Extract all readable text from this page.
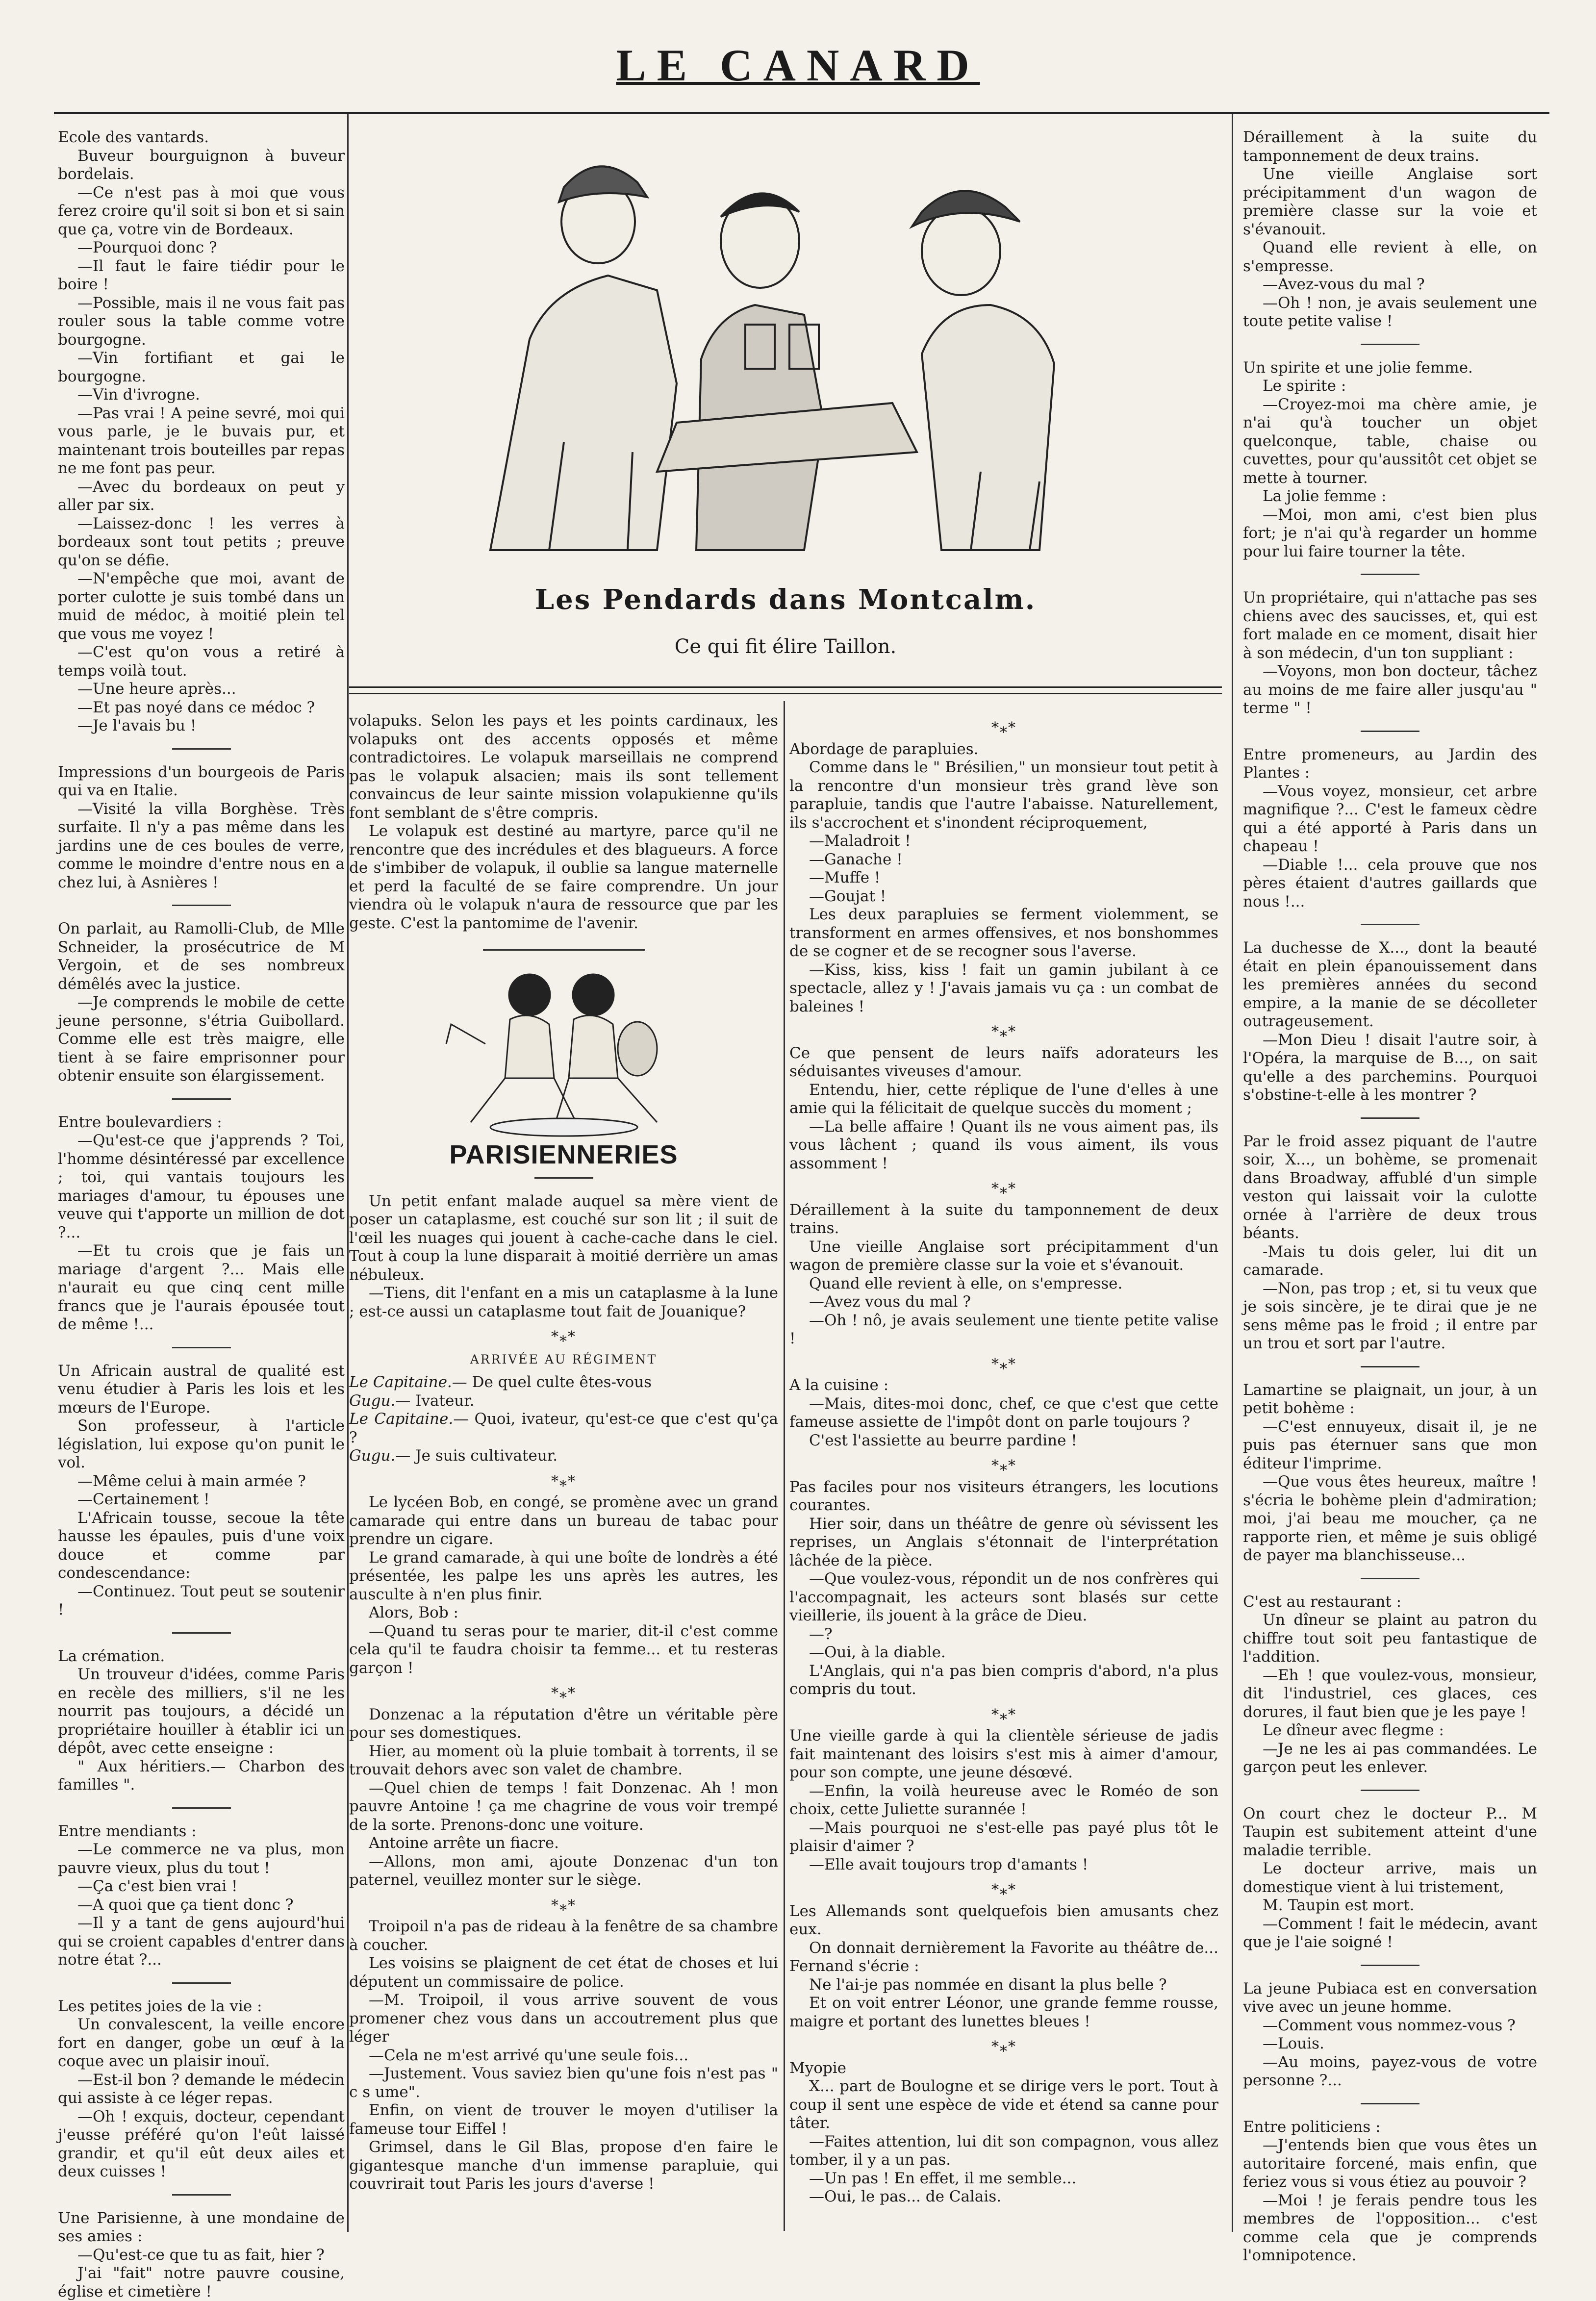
LE CANARD

Ecole des vantards.

Buveur bourguignon à buveur bordelais.

—Ce n'est pas à moi que vous ferez croire qu'il soit si bon et si sain que ça, votre vin de Bordeaux.

—Pourquoi donc ?

—Il faut le faire tiédir pour le boire !

—Possible, mais il ne vous fait pas rouler sous la table comme votre bourgogne.

—Vin fortifiant et gai le bourgogne.

—Vin d'ivrogne.

—Pas vrai ! A peine sevré, moi qui vous parle, je le buvais pur, et maintenant trois bouteilles par repas ne me font pas peur.

—Avec du bordeaux on peut y aller par six.

—Laissez-donc ! les verres à bordeaux sont tout petits ; preuve qu'on se défie.

—N'empêche que moi, avant de porter culotte je suis tombé dans un muid de médoc, à moitié plein tel que vous me voyez !

—C'est qu'on vous a retiré à temps voilà tout.

—Une heure après...

—Et pas noyé dans ce médoc ?

—Je l'avais bu !

Impressions d'un bourgeois de Paris qui va en Italie.

—Visité la villa Borghèse. Très surfaite. Il n'y a pas même dans les jardins une de ces boules de verre, comme le moindre d'entre nous en a chez lui, à Asnières !

On parlait, au Ramolli-Club, de Mlle Schneider, la prosécutrice de M Vergoin, et de ses nombreux démêlés avec la justice.

—Je comprends le mobile de cette jeune personne, s'étria Guibollard. Comme elle est très maigre, elle tient à se faire emprisonner pour obtenir ensuite son élargissement.

Entre boulevardiers :

—Qu'est-ce que j'apprends ? Toi, l'homme désintéressé par excellence ; toi, qui vantais toujours les mariages d'amour, tu épouses une veuve qui t'apporte un million de dot ?...

—Et tu crois que je fais un mariage d'argent ?... Mais elle n'aurait eu que cinq cent mille francs que je l'aurais épousée tout de même !...

Un Africain austral de qualité est venu étudier à Paris les lois et les mœurs de l'Europe.

Son professeur, à l'article législation, lui expose qu'on punit le vol.

—Même celui à main armée ?

—Certainement !

L'Africain tousse, secoue la tête hausse les épaules, puis d'une voix douce et comme par condescendance:

—Continuez. Tout peut se soutenir !

La crémation.

Un trouveur d'idées, comme Paris en recèle des milliers, s'il ne les nourrit pas toujours, a décidé un propriétaire houiller à établir ici un dépôt, avec cette enseigne :

" Aux héritiers.— Charbon des familles ".

Entre mendiants :

—Le commerce ne va plus, mon pauvre vieux, plus du tout !

—Ça c'est bien vrai !

—A quoi que ça tient donc ?

—Il y a tant de gens aujourd'hui qui se croient capables d'entrer dans notre état ?...

Les petites joies de la vie :

Un convalescent, la veille encore fort en danger, gobe un œuf à la coque avec un plaisir inouï.

—Est-il bon ? demande le médecin qui assiste à ce léger repas.

—Oh ! exquis, docteur, cependant j'eusse préféré qu'on l'eût laissé grandir, et qu'il eût deux ailes et deux cuisses !

Une Parisienne, à une mondaine de ses amies :

—Qu'est-ce que tu as fait, hier ?

J'ai "fait" notre pauvre cousine, église et cimetière !

Les Pendards dans Montcalm.
Ce qui fit élire Taillon.

volapuks. Selon les pays et les points cardinaux, les volapuks ont des accents opposés et même contradictoires. Le volapuk marseillais ne comprend pas le volapuk alsacien; mais ils sont tellement convaincus de leur sainte mission volapukienne qu'ils font semblant de s'être compris.

Le volapuk est destiné au martyre, parce qu'il ne rencontre que des incrédules et des blagueurs. A force de s'imbiber de volapuk, il oublie sa langue maternelle et perd la faculté de se faire comprendre. Un jour viendra où le volapuk n'aura de ressource que par les geste. C'est la pantomime de l'avenir.

PARISIENNERIES

Un petit enfant malade auquel sa mère vient de poser un cataplasme, est couché sur son lit ; il suit de l'œil les nuages qui jouent à cache-cache dans le ciel. Tout à coup la lune disparait à moitié derrière un amas nébuleux.

—Tiens, dit l'enfant en a mis un cataplasme à la lune ; est-ce aussi un cataplasme tout fait de Jouanique?

*⁎*
ARRIVÉE AU RÉGIMENT

Le Capitaine.— De quel culte êtes-vous

Gugu.— Ivateur.

Le Capitaine.— Quoi, ivateur, qu'est-ce que c'est qu'ça ?

Gugu.— Je suis cultivateur.

*⁎*

Le lycéen Bob, en congé, se promène avec un grand camarade qui entre dans un bureau de tabac pour prendre un cigare.

Le grand camarade, à qui une boîte de londrès a été présentée, les palpe les uns après les autres, les ausculte à n'en plus finir.

Alors, Bob :

—Quand tu seras pour te marier, dit-il c'est comme cela qu'il te faudra choisir ta femme... et tu resteras garçon !

*⁎*

Donzenac a la réputation d'être un véritable père pour ses domestiques.

Hier, au moment où la pluie tombait à torrents, il se trouvait dehors avec son valet de chambre.

—Quel chien de temps ! fait Donzenac. Ah ! mon pauvre Antoine ! ça me chagrine de vous voir trempé de la sorte. Prenons-donc une voiture.

Antoine arrête un fiacre.

—Allons, mon ami, ajoute Donzenac d'un ton paternel, veuillez monter sur le siège.

*⁎*

Troipoil n'a pas de rideau à la fenêtre de sa chambre à coucher.

Les voisins se plaignent de cet état de choses et lui députent un commissaire de police.

—M. Troipoil, il vous arrive souvent de vous promener chez vous dans un accoutrement plus que léger

—Cela ne m'est arrivé qu'une seule fois...

—Justement. Vous saviez bien qu'une fois n'est pas " c s ume".

Enfin, on vient de trouver le moyen d'utiliser la fameuse tour Eiffel !

Grimsel, dans le Gil Blas, propose d'en faire le gigantesque manche d'un immense parapluie, qui couvrirait tout Paris les jours d'averse !

*⁎*

Abordage de parapluies.

Comme dans le " Brésilien," un monsieur tout petit à la rencontre d'un monsieur très grand lève son parapluie, tandis que l'autre l'abaisse. Naturellement, ils s'accrochent et s'inondent réciproquement,

—Maladroit !

—Ganache !

—Muffe !

—Goujat !

Les deux parapluies se ferment violemment, se transforment en armes offensives, et nos bonshommes de se cogner et de se recogner sous l'averse.

—Kiss, kiss, kiss ! fait un gamin jubilant à ce spectacle, allez y ! J'avais jamais vu ça : un combat de baleines !

*⁎*

Ce que pensent de leurs naïfs adorateurs les séduisantes viveuses d'amour.

Entendu, hier, cette réplique de l'une d'elles à une amie qui la félicitait de quelque succès du moment ;

—La belle affaire ! Quant ils ne vous aiment pas, ils vous lâchent ; quand ils vous aiment, ils vous assomment !

*⁎*

Déraillement à la suite du tamponnement de deux trains.

Une vieille Anglaise sort précipitamment d'un wagon de première classe sur la voie et s'évanouit.

Quand elle revient à elle, on s'empresse.

—Avez vous du mal ?

—Oh ! nô, je avais seulement une tiente petite valise !

*⁎*

A la cuisine :

—Mais, dites-moi donc, chef, ce que c'est que cette fameuse assiette de l'impôt dont on parle toujours ?

C'est l'assiette au beurre pardine !

*⁎*

Pas faciles pour nos visiteurs étrangers, les locutions courantes.

Hier soir, dans un théâtre de genre où sévissent les reprises, un Anglais s'étonnait de l'interprétation lâchée de la pièce.

—Que voulez-vous, répondit un de nos confrères qui l'accompagnait, les acteurs sont blasés sur cette vieillerie, ils jouent à la grâce de Dieu.

—?

—Oui, à la diable.

L'Anglais, qui n'a pas bien compris d'abord, n'a plus compris du tout.

*⁎*

Une vieille garde à qui la clientèle sérieuse de jadis fait maintenant des loisirs s'est mis à aimer d'amour, pour son compte, une jeune désœvé.

—Enfin, la voilà heureuse avec le Roméo de son choix, cette Juliette surannée !

—Mais pourquoi ne s'est-elle pas payé plus tôt le plaisir d'aimer ?

—Elle avait toujours trop d'amants !

*⁎*

Les Allemands sont quelquefois bien amusants chez eux.

On donnait dernièrement la Favorite au théâtre de... Fernand s'écrie :

Ne l'ai-je pas nommée en disant la plus belle ?

Et on voit entrer Léonor, une grande femme rousse, maigre et portant des lunettes bleues !

*⁎*

Myopie

X... part de Boulogne et se dirige vers le port. Tout à coup il sent une espèce de vide et étend sa canne pour tâter.

—Faites attention, lui dit son compagnon, vous allez tomber, il y a un pas.

—Un pas ! En effet, il me semble...

—Oui, le pas... de Calais.

Déraillement à la suite du tamponnement de deux trains.

Une vieille Anglaise sort précipitamment d'un wagon de première classe sur la voie et s'évanouit.

Quand elle revient à elle, on s'empresse.

—Avez-vous du mal ?

—Oh ! non, je avais seulement une toute petite valise !

Un spirite et une jolie femme.

Le spirite :

—Croyez-moi ma chère amie, je n'ai qu'à toucher un objet quelconque, table, chaise ou cuvettes, pour qu'aussitôt cet objet se mette à tourner.

La jolie femme :

—Moi, mon ami, c'est bien plus fort; je n'ai qu'à regarder un homme pour lui faire tourner la tête.

Un propriétaire, qui n'attache pas ses chiens avec des saucisses, et, qui est fort malade en ce moment, disait hier à son médecin, d'un ton suppliant :

—Voyons, mon bon docteur, tâchez au moins de me faire aller jusqu'au " terme " !

Entre promeneurs, au Jardin des Plantes :

—Vous voyez, monsieur, cet arbre magnifique ?... C'est le fameux cèdre qui a été apporté à Paris dans un chapeau !

—Diable !... cela prouve que nos pères étaient d'autres gaillards que nous !...

La duchesse de X..., dont la beauté était en plein épanouissement dans les premières années du second empire, a la manie de se décolleter outrageusement.

—Mon Dieu ! disait l'autre soir, à l'Opéra, la marquise de B..., on sait qu'elle a des parchemins. Pourquoi s'obstine-t-elle à les montrer ?

Par le froid assez piquant de l'autre soir, X..., un bohème, se promenait dans Broadway, affublé d'un simple veston qui laissait voir la culotte ornée à l'arrière de deux trous béants.

-Mais tu dois geler, lui dit un camarade.

—Non, pas trop ; et, si tu veux que je sois sincère, je te dirai que je ne sens même pas le froid ; il entre par un trou et sort par l'autre.

Lamartine se plaignait, un jour, à un petit bohème :

—C'est ennuyeux, disait il, je ne puis pas éternuer sans que mon éditeur l'imprime.

—Que vous êtes heureux, maître ! s'écria le bohème plein d'admiration; moi, j'ai beau me moucher, ça ne rapporte rien, et même je suis obligé de payer ma blanchisseuse...

C'est au restaurant :

Un dîneur se plaint au patron du chiffre tout soit peu fantastique de l'addition.

—Eh ! que voulez-vous, monsieur, dit l'industriel, ces glaces, ces dorures, il faut bien que je les paye !

Le dîneur avec flegme :

—Je ne les ai pas commandées. Le garçon peut les enlever.

On court chez le docteur P... M Taupin est subitement atteint d'une maladie terrible.

Le docteur arrive, mais un domestique vient à lui tristement,

M. Taupin est mort.

—Comment ! fait le médecin, avant que je l'aie soigné !

La jeune Pubiaca est en conversation vive avec un jeune homme.

—Comment vous nommez-vous ?

—Louis.

—Au moins, payez-vous de votre personne ?...

Entre politiciens :

—J'entends bien que vous êtes un autoritaire forcené, mais enfin, que feriez vous si vous étiez au pouvoir ?

—Moi ! je ferais pendre tous les membres de l'opposition... c'est comme cela que je comprends l'omnipotence.
